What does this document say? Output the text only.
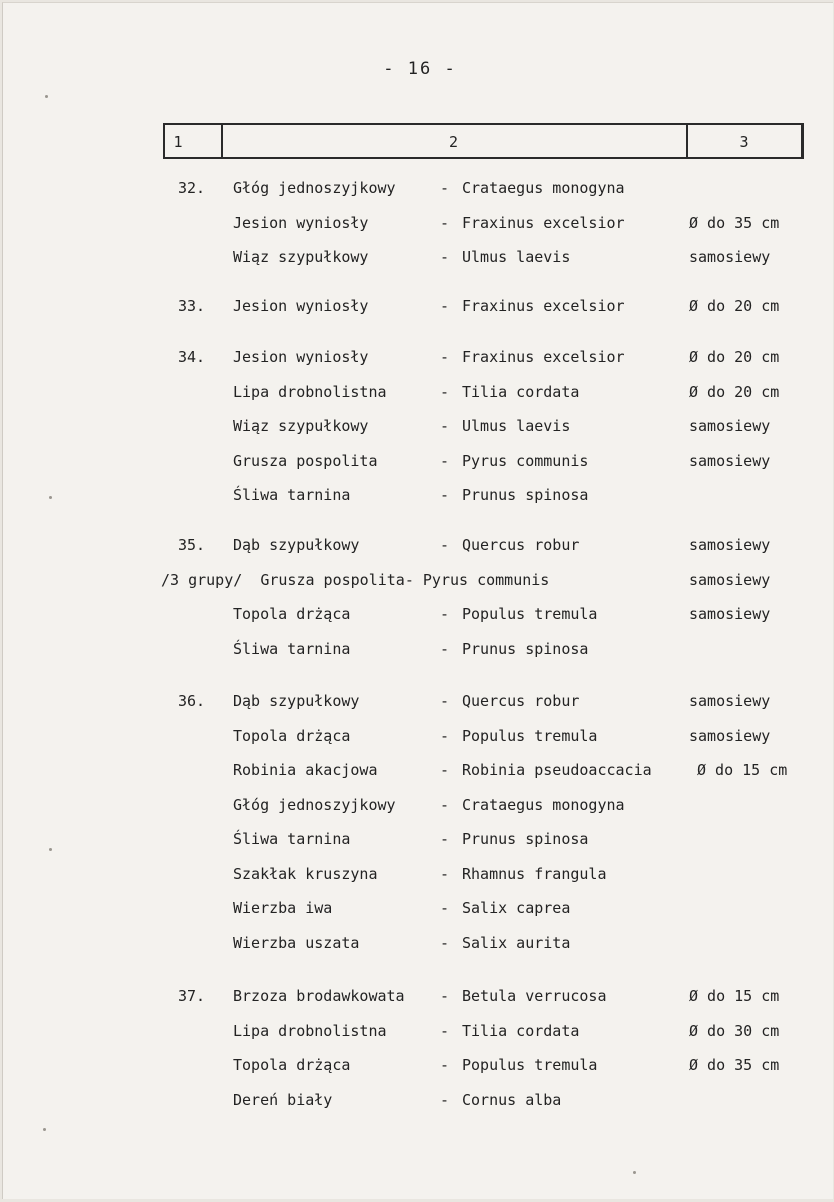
- 16 -
1	2	3
32. Głóg jednoszyjkowy	- Crataegus monogyna
Jesion wyniosły	- Fraxinus excelsior	Ø do 35 cm
Wiąz szypułkowy	- Ulmus laevis	samosiewy
33. Jesion wyniosły	- Fraxinus excelsior	Ø do 20 cm
34. Jesion wyniosły	- Fraxinus excelsior	Ø do 20 cm
Lipa drobnolistna	- Tilia cordata	Ø do 20 cm
Wiąz szypułkowy	- Ulmus laevis	samosiewy
Grusza pospolita	- Pyrus communis	samosiewy
Śliwa tarnina	- Prunus spinosa
35. Dąb szypułkowy	- Quercus robur	samosiewy
/3 grupy/  Grusza pospolita- Pyrus communis	samosiewy
Topola drżąca	- Populus tremula	samosiewy
Śliwa tarnina	- Prunus spinosa
36. Dąb szypułkowy	- Quercus robur	samosiewy
Topola drżąca	- Populus tremula	samosiewy
Robinia akacjowa	- Robinia pseudoaccacia	Ø do 15 cm
Głóg jednoszyjkowy	- Crataegus monogyna
Śliwa tarnina	- Prunus spinosa
Szakłak kruszyna	- Rhamnus frangula
Wierzba iwa	- Salix caprea
Wierzba uszata	- Salix aurita
37. Brzoza brodawkowata - Betula verrucosa	Ø do 15 cm
Lipa drobnolistna	- Tilia cordata	Ø do 30 cm
Topola drżąca	- Populus tremula	Ø do 35 cm
Dereń biały	- Cornus alba
